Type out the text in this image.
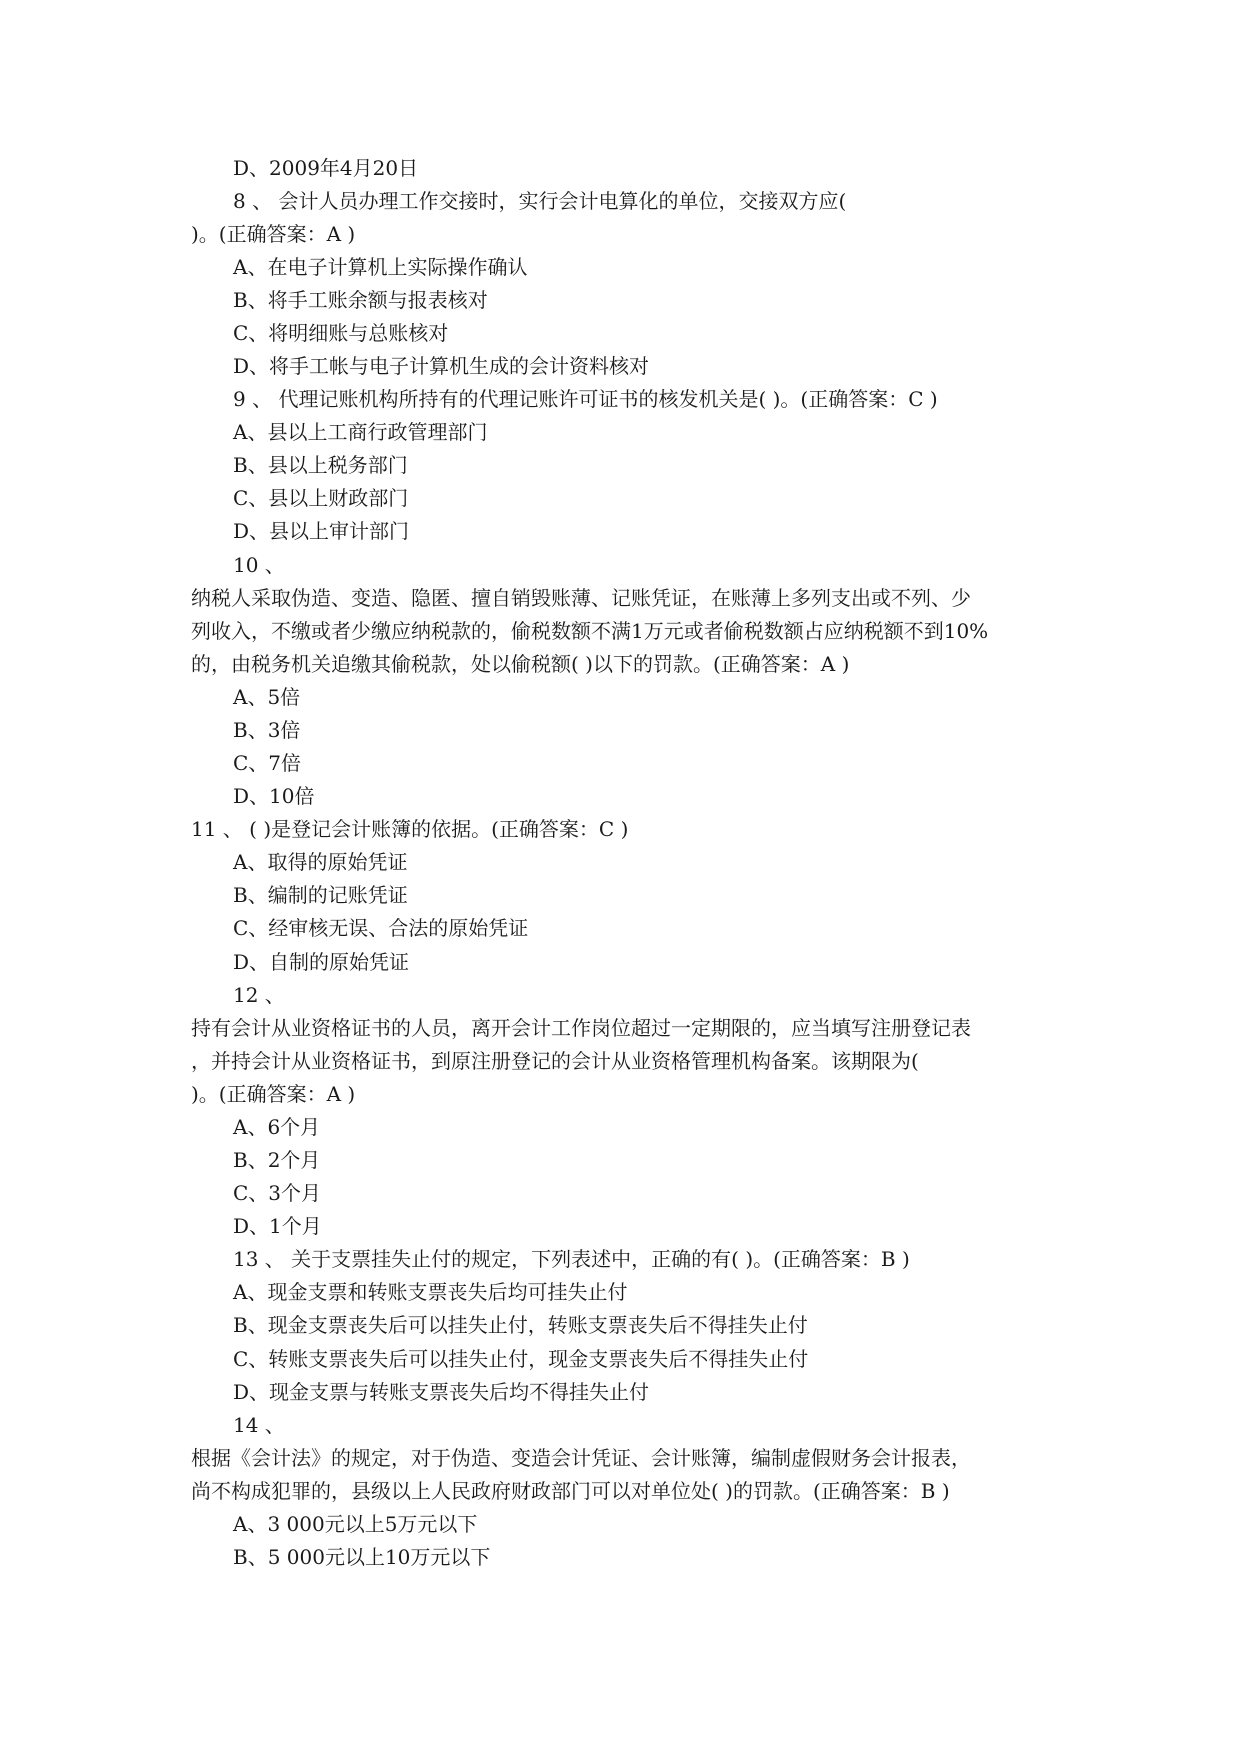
D、2009年4月20日
8 、 会计人员办理工作交接时，实行会计电算化的单位，交接双方应(
)。(正确答案：A )
A、在电子计算机上实际操作确认
B、将手工账余额与报表核对
C、将明细账与总账核对
D、将手工帐与电子计算机生成的会计资料核对
9 、 代理记账机构所持有的代理记账许可证书的核发机关是( )。(正确答案：C )
A、县以上工商行政管理部门
B、县以上税务部门
C、县以上财政部门
D、县以上审计部门
10 、
纳税人采取伪造、变造、隐匿、擅自销毁账薄、记账凭证，在账薄上多列支出或不列、少
列收入，不缴或者少缴应纳税款的，偷税数额不满1万元或者偷税数额占应纳税额不到10%
的，由税务机关追缴其偷税款，处以偷税额( )以下的罚款。(正确答案：A )
A、5倍
B、3倍
C、7倍
D、10倍
11 、 ( )是登记会计账簿的依据。(正确答案：C )
A、取得的原始凭证
B、编制的记账凭证
C、经审核无误、合法的原始凭证
D、自制的原始凭证
12 、
持有会计从业资格证书的人员，离开会计工作岗位超过一定期限的，应当填写注册登记表
，并持会计从业资格证书，到原注册登记的会计从业资格管理机构备案。该期限为(
)。(正确答案：A )
A、6个月
B、2个月
C、3个月
D、1个月
13 、 关于支票挂失止付的规定，下列表述中，正确的有( )。(正确答案：B )
A、现金支票和转账支票丧失后均可挂失止付
B、现金支票丧失后可以挂失止付，转账支票丧失后不得挂失止付
C、转账支票丧失后可以挂失止付，现金支票丧失后不得挂失止付
D、现金支票与转账支票丧失后均不得挂失止付
14 、
根据《会计法》的规定，对于伪造、变造会计凭证、会计账簿，编制虚假财务会计报表，
尚不构成犯罪的，县级以上人民政府财政部门可以对单位处( )的罚款。(正确答案：B )
A、3 000元以上5万元以下
B、5 000元以上10万元以下
